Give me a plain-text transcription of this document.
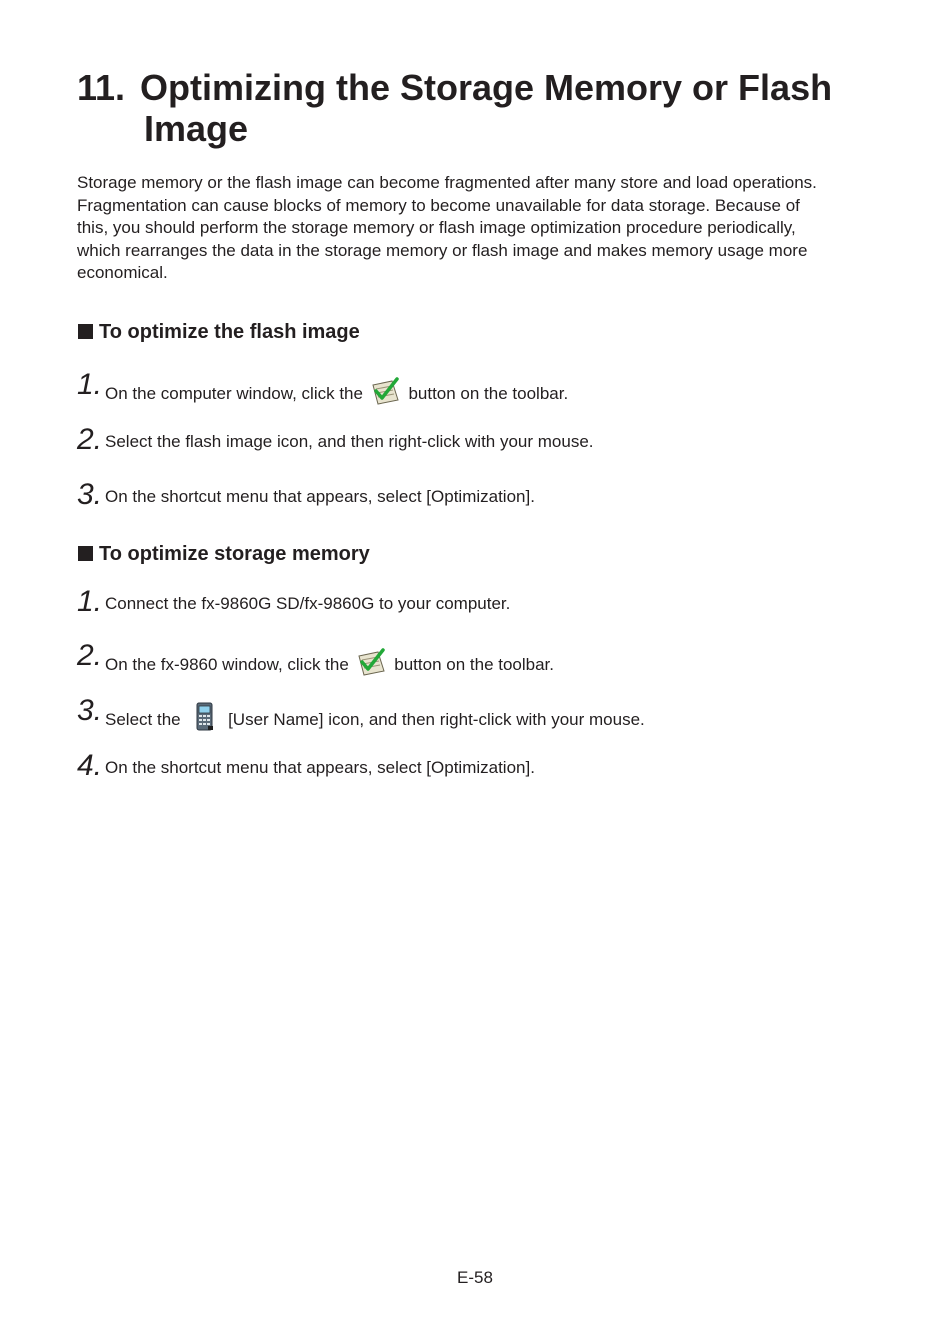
11. Optimizing the Storage Memory or Flash
Image
Storage memory or the flash image can become fragmented after many store and load operations.
Fragmentation can cause blocks of memory to become unavailable for data storage. Because of
this, you should perform the storage memory or flash image optimization procedure periodically,
which rearranges the data in the storage memory or flash image and makes memory usage more
economical.
To optimize the flash image
1. On the computer window, click the	button on the toolbar.
2. Select the flash image icon, and then right-click with your mouse.
3. On the shortcut menu that appears, select [Optimization].
To optimize storage memory
1. Connect the fx-9860G SD/fx-9860G to your computer.
2. On the fx-9860 window, click the	button on the toolbar.
3. Select the	[User Name] icon, and then right-click with your mouse.
4. On the shortcut menu that appears, select [Optimization].
E-58
